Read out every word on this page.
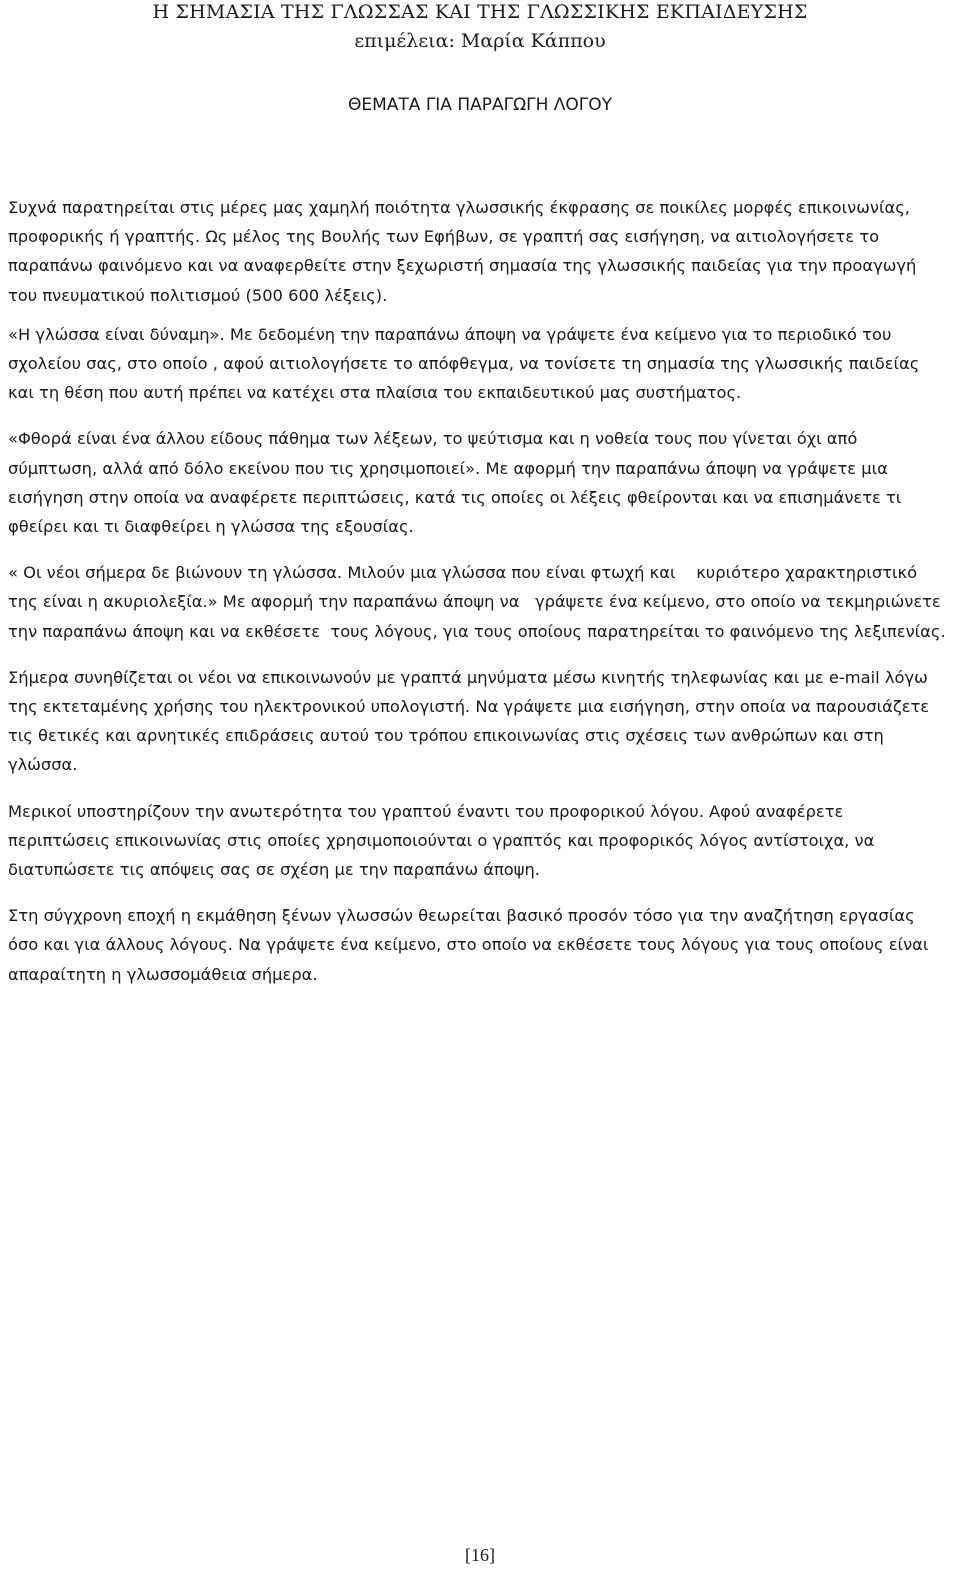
Η ΣΗΜΑΣΙΑ ΤΗΣ ΓΛΩΣΣΑΣ ΚΑΙ ΤΗΣ ΓΛΩΣΣΙΚΗΣ ΕΚΠΑΙΔΕΥΣΗΣ
επιμέλεια: Μαρία Κάππου
ΘΕΜΑΤΑ ΓΙΑ ΠΑΡΑΓΩΓΗ ΛΟΓΟΥ

Συχνά παρατηρείται στις μέρες μας χαμηλή ποιότητα γλωσσικής έκφρασης σε ποικίλες μορφές επικοινωνίας, προφορικής ή γραπτής. Ως μέλος της Βουλής των Εφήβων, σε γραπτή σας εισήγηση, να αιτιολογήσετε το παραπάνω φαινόμενο και να αναφερθείτε στην ξεχωριστή σημασία της γλωσσικής παιδείας για την προαγωγή του πνευματικού πολιτισμού (500 600 λέξεις).

«Η γλώσσα είναι δύναμη». Με δεδομένη την παραπάνω άποψη να γράψετε ένα κείμενο για το περιοδικό του σχολείου σας, στο οποίο , αφού αιτιολογήσετε το απόφθεγμα, να τονίσετε τη σημασία της γλωσσικής παιδείας και τη θέση που αυτή πρέπει να κατέχει στα πλαίσια του εκπαιδευτικού μας συστήματος.

«Φθορά είναι ένα άλλου είδους πάθημα των λέξεων, το ψεύτισμα και η νοθεία τους που γίνεται όχι από σύμπτωση, αλλά από δόλο εκείνου που τις χρησιμοποιεί». Με αφορμή την παραπάνω άποψη να γράψετε μια εισήγηση στην οποία να αναφέρετε περιπτώσεις, κατά τις οποίες οι λέξεις φθείρονται και να επισημάνετε τι φθείρει και τι διαφθείρει η γλώσσα της εξουσίας.

« Οι νέοι σήμερα δε βιώνουν τη γλώσσα. Μιλούν μια γλώσσα που είναι φτωχή και    κυριότερο χαρακτηριστικό της είναι η ακυριολεξία.» Με αφορμή την παραπάνω άποψη να   γράψετε ένα κείμενο, στο οποίο να τεκμηριώνετε την παραπάνω άποψη και να εκθέσετε  τους λόγους, για τους οποίους παρατηρείται το φαινόμενο της λεξιπενίας.

Σήμερα συνηθίζεται οι νέοι να επικοινωνούν με γραπτά μηνύματα μέσω κινητής τηλεφωνίας και με e-mail λόγω της εκτεταμένης χρήσης του ηλεκτρονικού υπολογιστή. Να γράψετε μια εισήγηση, στην οποία να παρουσιάζετε τις θετικές και αρνητικές επιδράσεις αυτού του τρόπου επικοινωνίας στις σχέσεις των ανθρώπων και στη γλώσσα.

Μερικοί υποστηρίζουν την ανωτερότητα του γραπτού έναντι του προφορικού λόγου. Αφού αναφέρετε περιπτώσεις επικοινωνίας στις οποίες χρησιμοποιούνται ο γραπτός και προφορικός λόγος αντίστοιχα, να διατυπώσετε τις απόψεις σας σε σχέση με την παραπάνω άποψη.

Στη σύγχρονη εποχή η εκμάθηση ξένων γλωσσών θεωρείται βασικό προσόν τόσο για την αναζήτηση εργασίας όσο και για άλλους λόγους. Να γράψετε ένα κείμενο, στο οποίο να εκθέσετε τους λόγους για τους οποίους είναι απαραίτητη η γλωσσομάθεια σήμερα.

[16]
